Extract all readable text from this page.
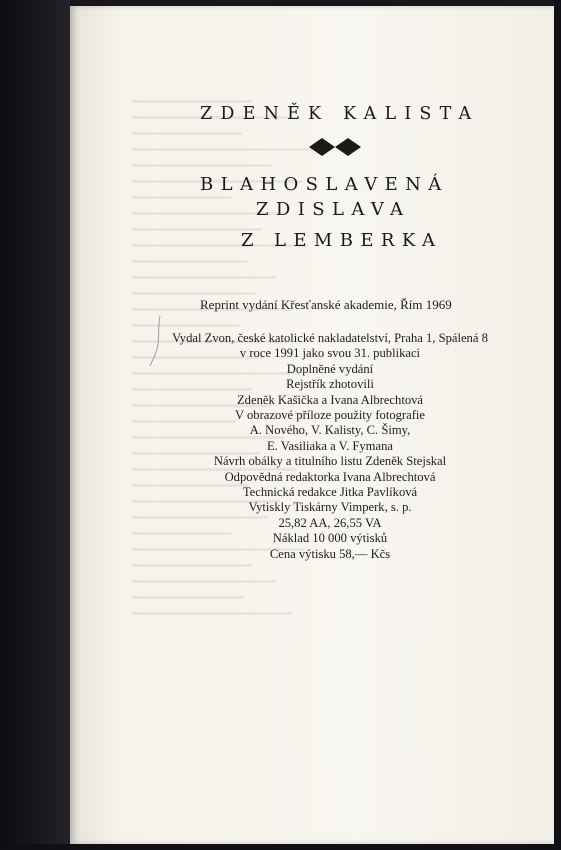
ZDENĚK KALISTA
BLAHOSLAVENÁ
ZDISLAVA
Z LEMBERKA
Reprint vydání Křesťanské akademie, Řím 1969
Vydal Zvon, české katolické nakladatelství, Praha 1, Spálená 8
v roce 1991 jako svou 31. publikaci
Doplněné vydání
Rejstřík zhotovili
Zdeněk Kašička a Ivana Albrechtová
V obrazové příloze použity fotografie
A. Nového, V. Kalisty, C. Šimy,
E. Vasiliaka a V. Fymana
Návrh obálky a titulního listu Zdeněk Stejskal
Odpovědná redaktorka Ivana Albrechtová
Technická redakce Jitka Pavlíková
Vytiskly Tiskárny Vimperk, s. p.
25,82 AA, 26,55 VA
Náklad 10 000 výtisků
Cena výtisku 58,— Kčs
